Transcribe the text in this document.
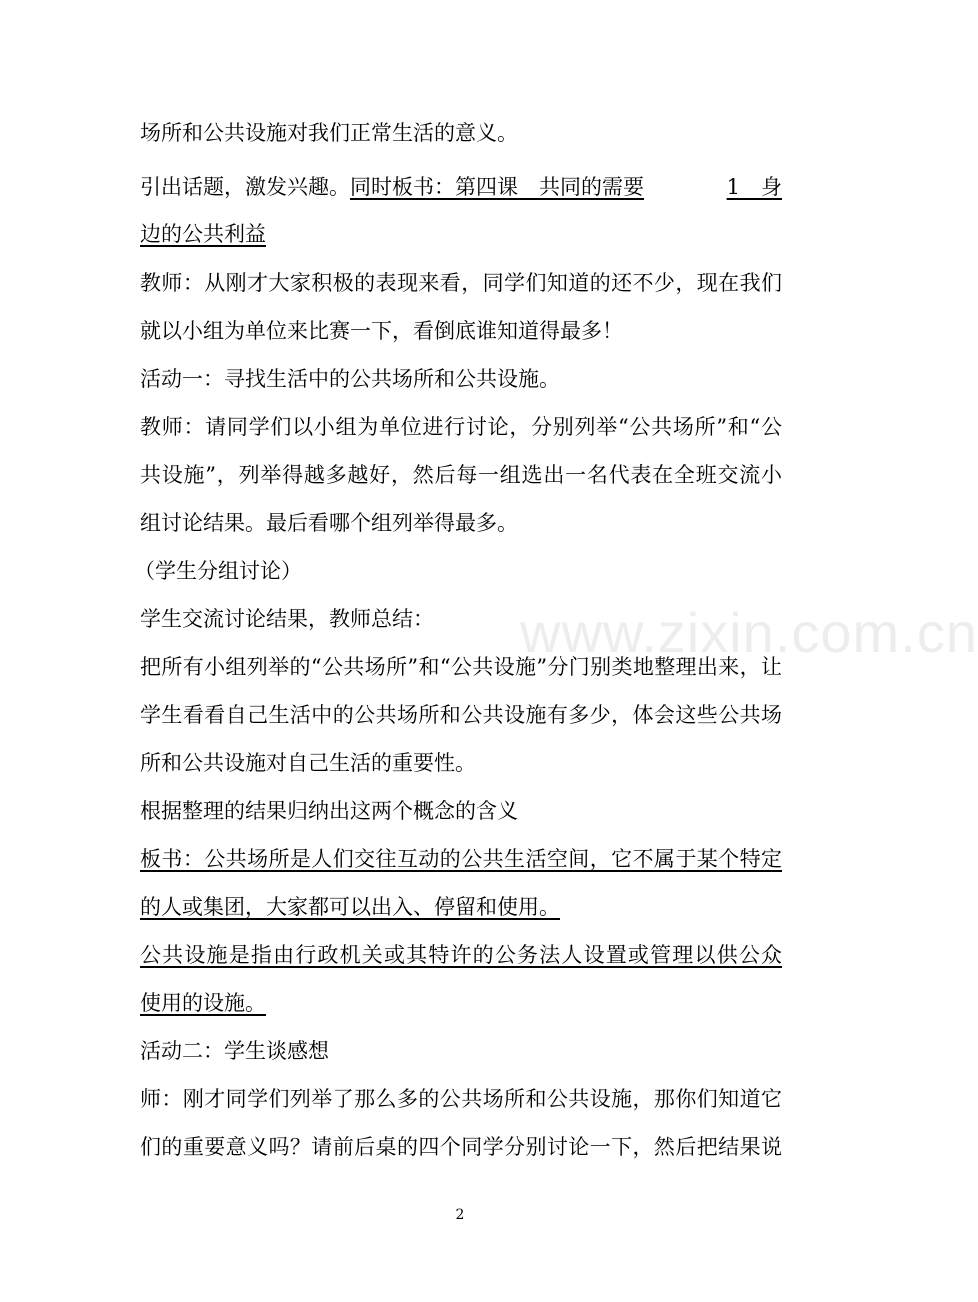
场所和公共设施对我们正常生活的意义。
引出话题，激发兴趣。同时板书：第四课　共同的需要	1　身
边的公共利益
教师：从刚才大家积极的表现来看，同学们知道的还不少，现在我们
就以小组为单位来比赛一下，看倒底谁知道得最多！
活动一：寻找生活中的公共场所和公共设施。
教师：请同学们以小组为单位进行讨论，分别列举“公共场所”和“公
共设施”，列举得越多越好，然后每一组选出一名代表在全班交流小
组讨论结果。最后看哪个组列举得最多。
（学生分组讨论）
学生交流讨论结果，教师总结：
把所有小组列举的“公共场所”和“公共设施”分门别类地整理出来，让
学生看看自己生活中的公共场所和公共设施有多少，体会这些公共场
所和公共设施对自己生活的重要性。
根据整理的结果归纳出这两个概念的含义
板书：公共场所是人们交往互动的公共生活空间，它不属于某个特定
的人或集团，大家都可以出入、停留和使用。
公共设施是指由行政机关或其特许的公务法人设置或管理以供公众
使用的设施。
活动二：学生谈感想
师：刚才同学们列举了那么多的公共场所和公共设施，那你们知道它
们的重要意义吗？请前后桌的四个同学分别讨论一下，然后把结果说
www.zixin.com.cn
2
